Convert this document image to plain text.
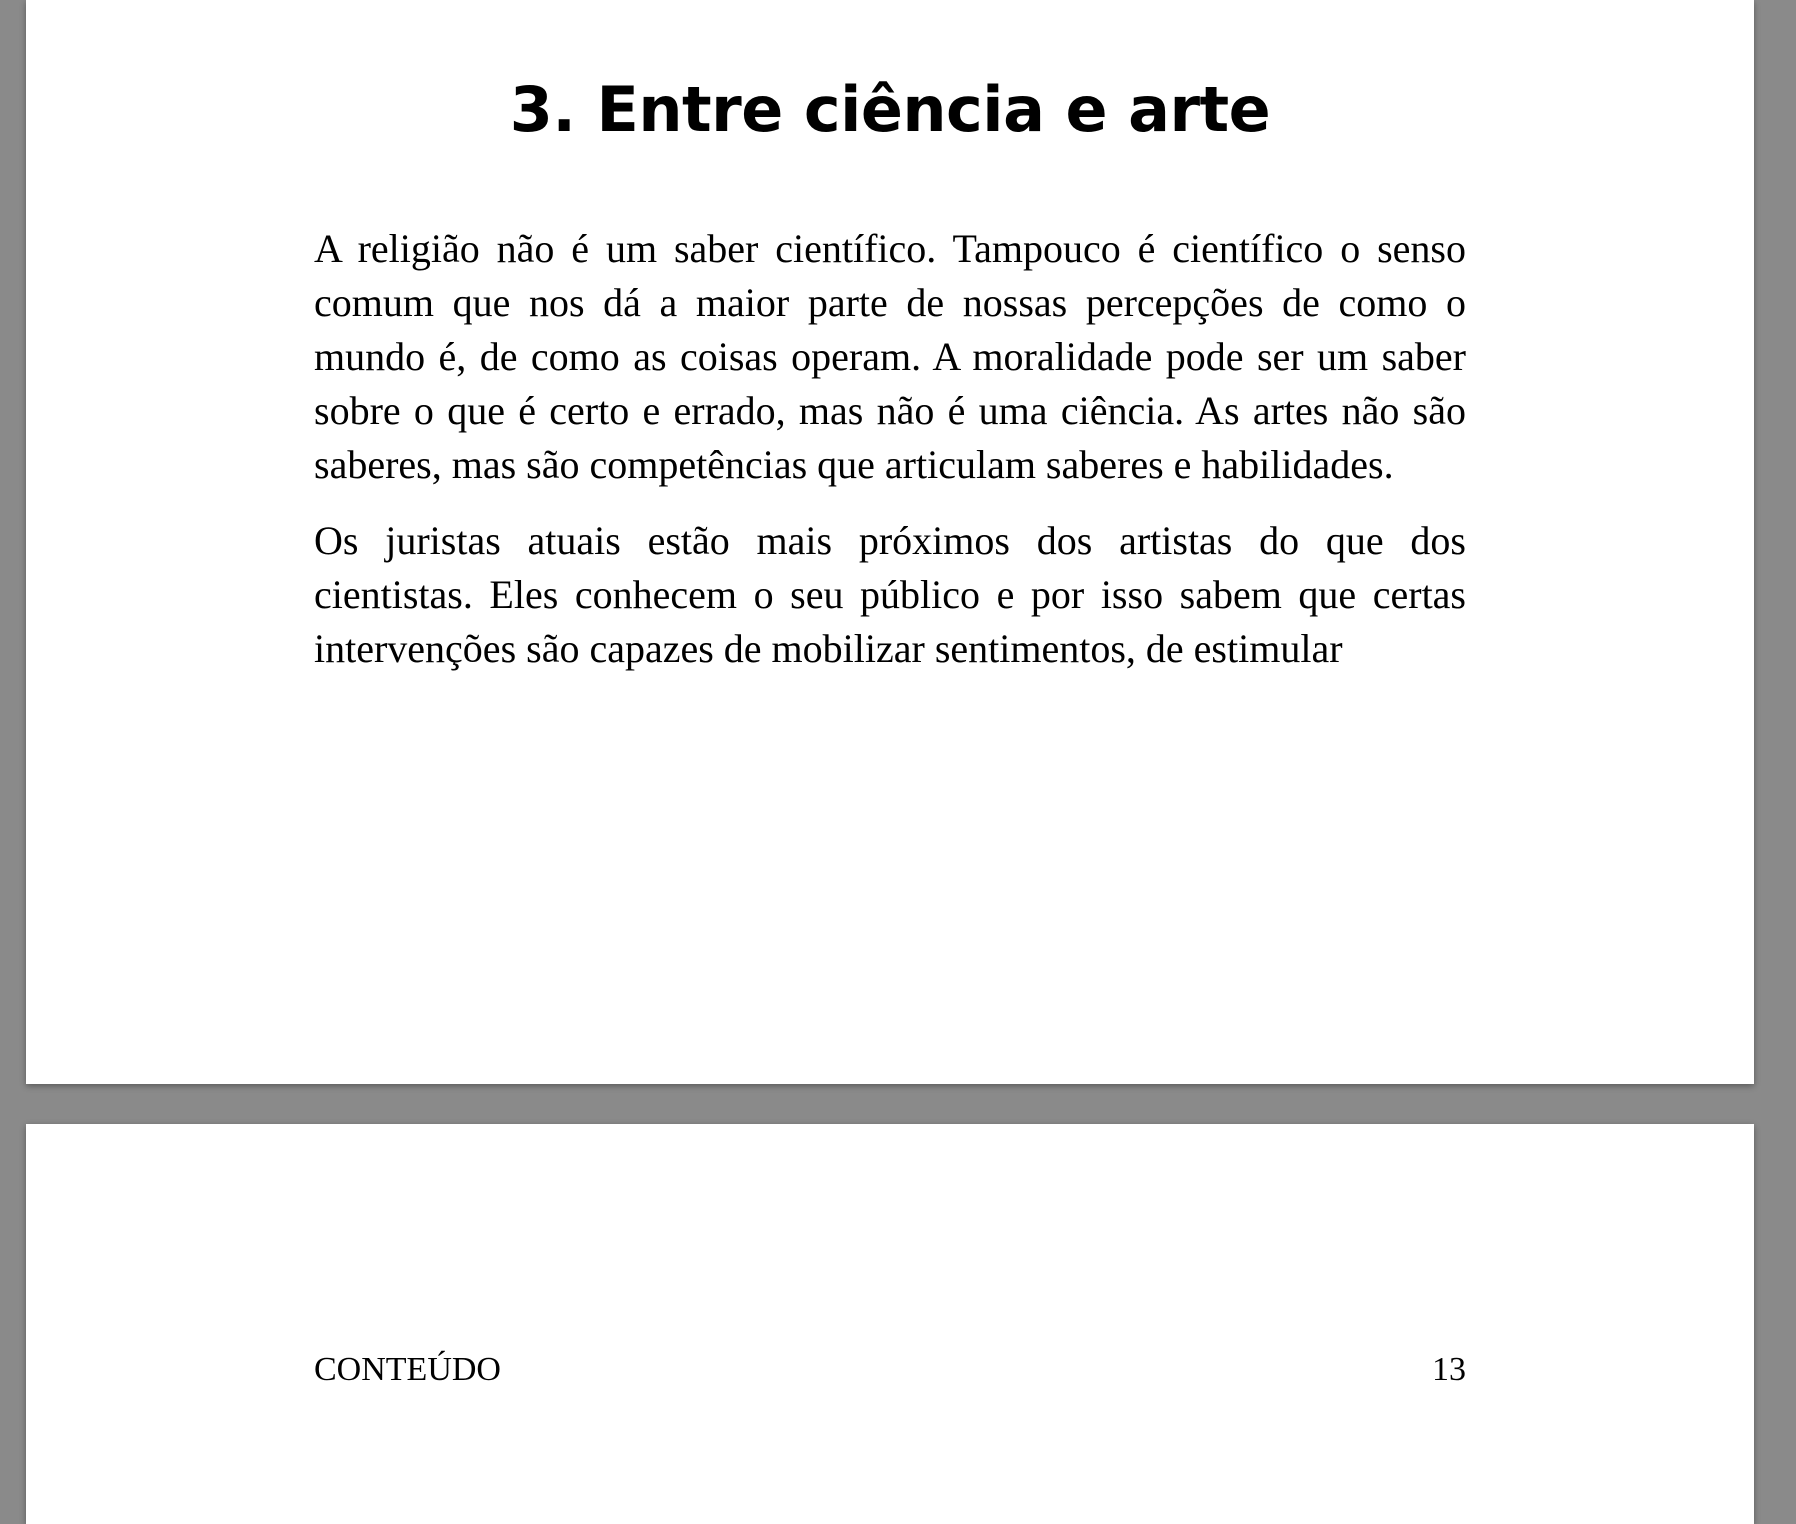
3. Entre ciência e arte

A religião não é um saber científico. Tampouco é científico o senso comum que nos dá a maior parte de nossas percepções de como o mundo é, de como as coisas operam. A moralidade pode ser um saber sobre o que é certo e errado, mas não é uma ciência. As artes não são saberes, mas são competências que articulam saberes e habilidades.

Os juristas atuais estão mais próximos dos artistas do que dos cientistas. Eles conhecem o seu público e por isso sabem que certas intervenções são capazes de mobilizar sentimentos, de estimular

CONTEÚDO	13
